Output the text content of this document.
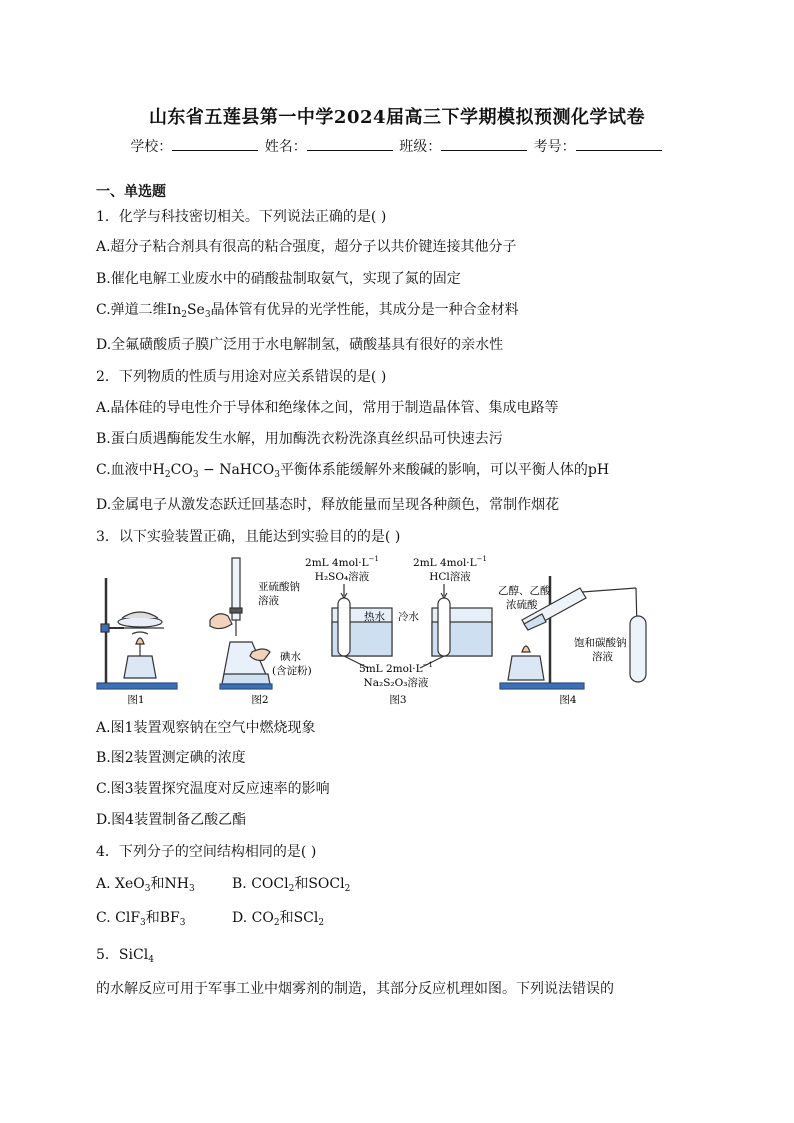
山东省五莲县第一中学2024届高三下学期模拟预测化学试卷
学校：	姓名：	班级：	考号：
一、单选题
1．化学与科技密切相关。下列说法正确的是( )
A.超分子粘合剂具有很高的粘合强度，超分子以共价键连接其他分子
B.催化电解工业废水中的硝酸盐制取氨气，实现了氮的固定
C.弹道二维$In_2Se_3$晶体管有优异的光学性能，其成分是一种合金材料
D.全氟磺酸质子膜广泛用于水电解制氢，磺酸基具有很好的亲水性
2．下列物质的性质与用途对应关系错误的是( )
A.晶体硅的导电性介于导体和绝缘体之间，常用于制造晶体管、集成电路等
B.蛋白质遇酶能发生水解，用加酶洗衣粉洗涤真丝织品可快速去污
C.血液中$H_2CO_3$ − NaHCO$_3$平衡体系能缓解外来酸碱的影响，可以平衡人体的pH
D.金属电子从激发态跃迁回基态时，释放能量而呈现各种颜色，常制作烟花
3．以下实验装置正确，且能达到实验目的的是( )
图1
亚硫酸钠
溶液
碘水
(含淀粉)
图2
2mL $4mol\cdot L^{-1}$
H₂SO₄溶液
2mL $4mol\cdot L^{-1}$
HCl溶液
热水 冷水
5mL $2mol\cdot L^{-1}$
Na₂S₂O₃溶液
图3
乙醇、乙酸
浓硫酸
饱和碳酸钠
溶液
图4
A.图1装置观察钠在空气中燃烧现象
B.图2装置测定碘的浓度
C.图3装置探究温度对反应速率的影响
D.图4装置制备乙酸乙酯
4．下列分子的空间结构相同的是( )
A. XeO$_3$和$NH_3$	B. COCl$_2$和SOCl$_2$
C. ClF$_3$和$BF_3$	D. $CO_2$和SCl$_2$
5．SiCl$_4$
的水解反应可用于军事工业中烟雾剂的制造，其部分反应机理如图。下列说法错误的
